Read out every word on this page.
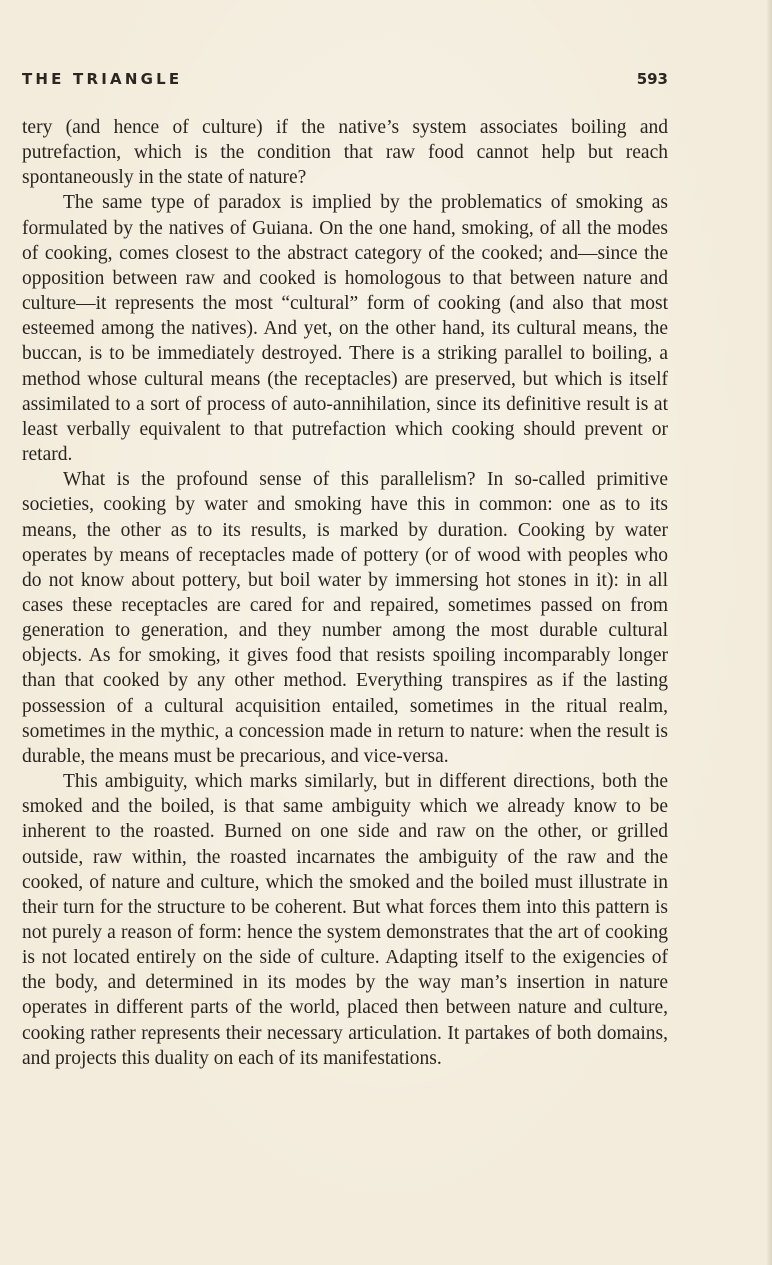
THE TRIANGLE	593

tery (and hence of culture) if the native’s system associates boiling and putrefaction, which is the condition that raw food cannot help but reach spontaneously in the state of nature?

The same type of paradox is implied by the problematics of smoking as formulated by the natives of Guiana. On the one hand, smoking, of all the modes of cooking, comes closest to the abstract category of the cooked; and—since the opposition between raw and cooked is homologous to that between nature and culture—it represents the most “cultural” form of cooking (and also that most esteemed among the natives). And yet, on the other hand, its cultural means, the buccan, is to be immediately destroyed. There is a striking parallel to boiling, a method whose cultural means (the receptacles) are preserved, but which is itself assimilated to a sort of process of auto-annihilation, since its definitive result is at least verbally equivalent to that putrefaction which cooking should prevent or retard.

What is the profound sense of this parallelism? In so-called primitive societies, cooking by water and smoking have this in common: one as to its means, the other as to its results, is marked by duration. Cooking by water operates by means of receptacles made of pottery (or of wood with peoples who do not know about pottery, but boil water by immersing hot stones in it): in all cases these receptacles are cared for and repaired, sometimes passed on from generation to generation, and they number among the most durable cultural objects. As for smoking, it gives food that resists spoiling incomparably longer than that cooked by any other method. Everything transpires as if the lasting possession of a cultural acquisition entailed, sometimes in the ritual realm, sometimes in the mythic, a concession made in return to nature: when the result is durable, the means must be precarious, and vice-versa.

This ambiguity, which marks similarly, but in different directions, both the smoked and the boiled, is that same ambiguity which we already know to be inherent to the roasted. Burned on one side and raw on the other, or grilled outside, raw within, the roasted incarnates the ambiguity of the raw and the cooked, of nature and culture, which the smoked and the boiled must illustrate in their turn for the structure to be coherent. But what forces them into this pattern is not purely a reason of form: hence the system demonstrates that the art of cooking is not located entirely on the side of culture. Adapting itself to the exigencies of the body, and determined in its modes by the way man’s insertion in nature operates in different parts of the world, placed then between nature and culture, cooking rather represents their necessary articulation. It partakes of both domains, and projects this duality on each of its manifestations.
